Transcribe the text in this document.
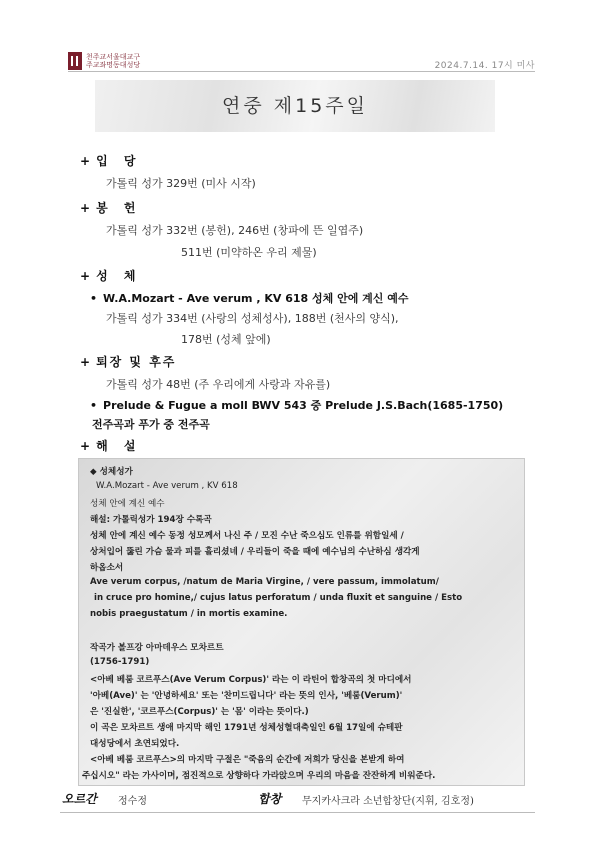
천주교서울대교구
주교좌명동대성당	2024.7.14. 17시 미사
연중 제15주일
+ 입 당
가톨릭 성가 329번 (미사 시작)
+ 봉 헌
가톨릭 성가 332번 (봉헌), 246번 (창파에 뜬 일엽주)
511번 (미약하온 우리 제물)
+ 성 체
• W.A.Mozart - Ave verum , KV 618 성체 안에 계신 예수
가톨릭 성가 334번 (사랑의 성체성사), 188번 (천사의 양식),
178번 (성체 앞에)
+ 퇴장 및 후주
가톨릭 성가 48번 (주 우리에게 사랑과 자유를)
• Prelude & Fugue a moll BWV 543 중 Prelude J.S.Bach(1685-1750)
전주곡과 푸가 중 전주곡
+ 해 설
◆ 성체성가
W.A.Mozart - Ave verum , KV 618
성체 안에 계신 예수
해설: 가톨릭성가 194장 수록곡
성체 안에 계신 예수 동정 성모께서 나신 주 / 모진 수난 죽으심도 인류를 위함일세 /
상처입어 뚫린 가슴 물과 피를 흘리셨네 / 우리들이 죽을 때에 예수님의 수난하심 생각게
하옵소서
Ave verum corpus, /natum de Maria Virgine, / vere passum, immolatum/
in cruce pro homine,/ cujus latus perforatum / unda fluxit et sanguine / Esto
nobis praegustatum / in mortis examine.
작곡가 볼프강 아마데우스 모차르트
(1756-1791)
<아베 베룸 코르푸스(Ave Verum Corpus)' 라는 이 라틴어 합창곡의 첫 마디에서
'아베(Ave)' 는 '안녕하세요' 또는 '찬미드립니다' 라는 뜻의 인사, '베룸(Verum)'
은 '진실한', '코르푸스(Corpus)' 는 '몸' 이라는 뜻이다.)
이 곡은 모차르트 생애 마지막 해인 1791년 성체성혈대축일인 6월 17일에 슈테판
대성당에서 초연되었다.
<아베 베룸 코르푸스>의 마지막 구절은 "죽음의 순간에 저희가 당신을 본받게 하여
주십시오" 라는 가사이며, 점진적으로 상향하다 가라앉으며 우리의 마음을 잔잔하게 비워준다.
오르간 정수정	합창 무지카사크라 소년합창단(지휘, 김호정)
